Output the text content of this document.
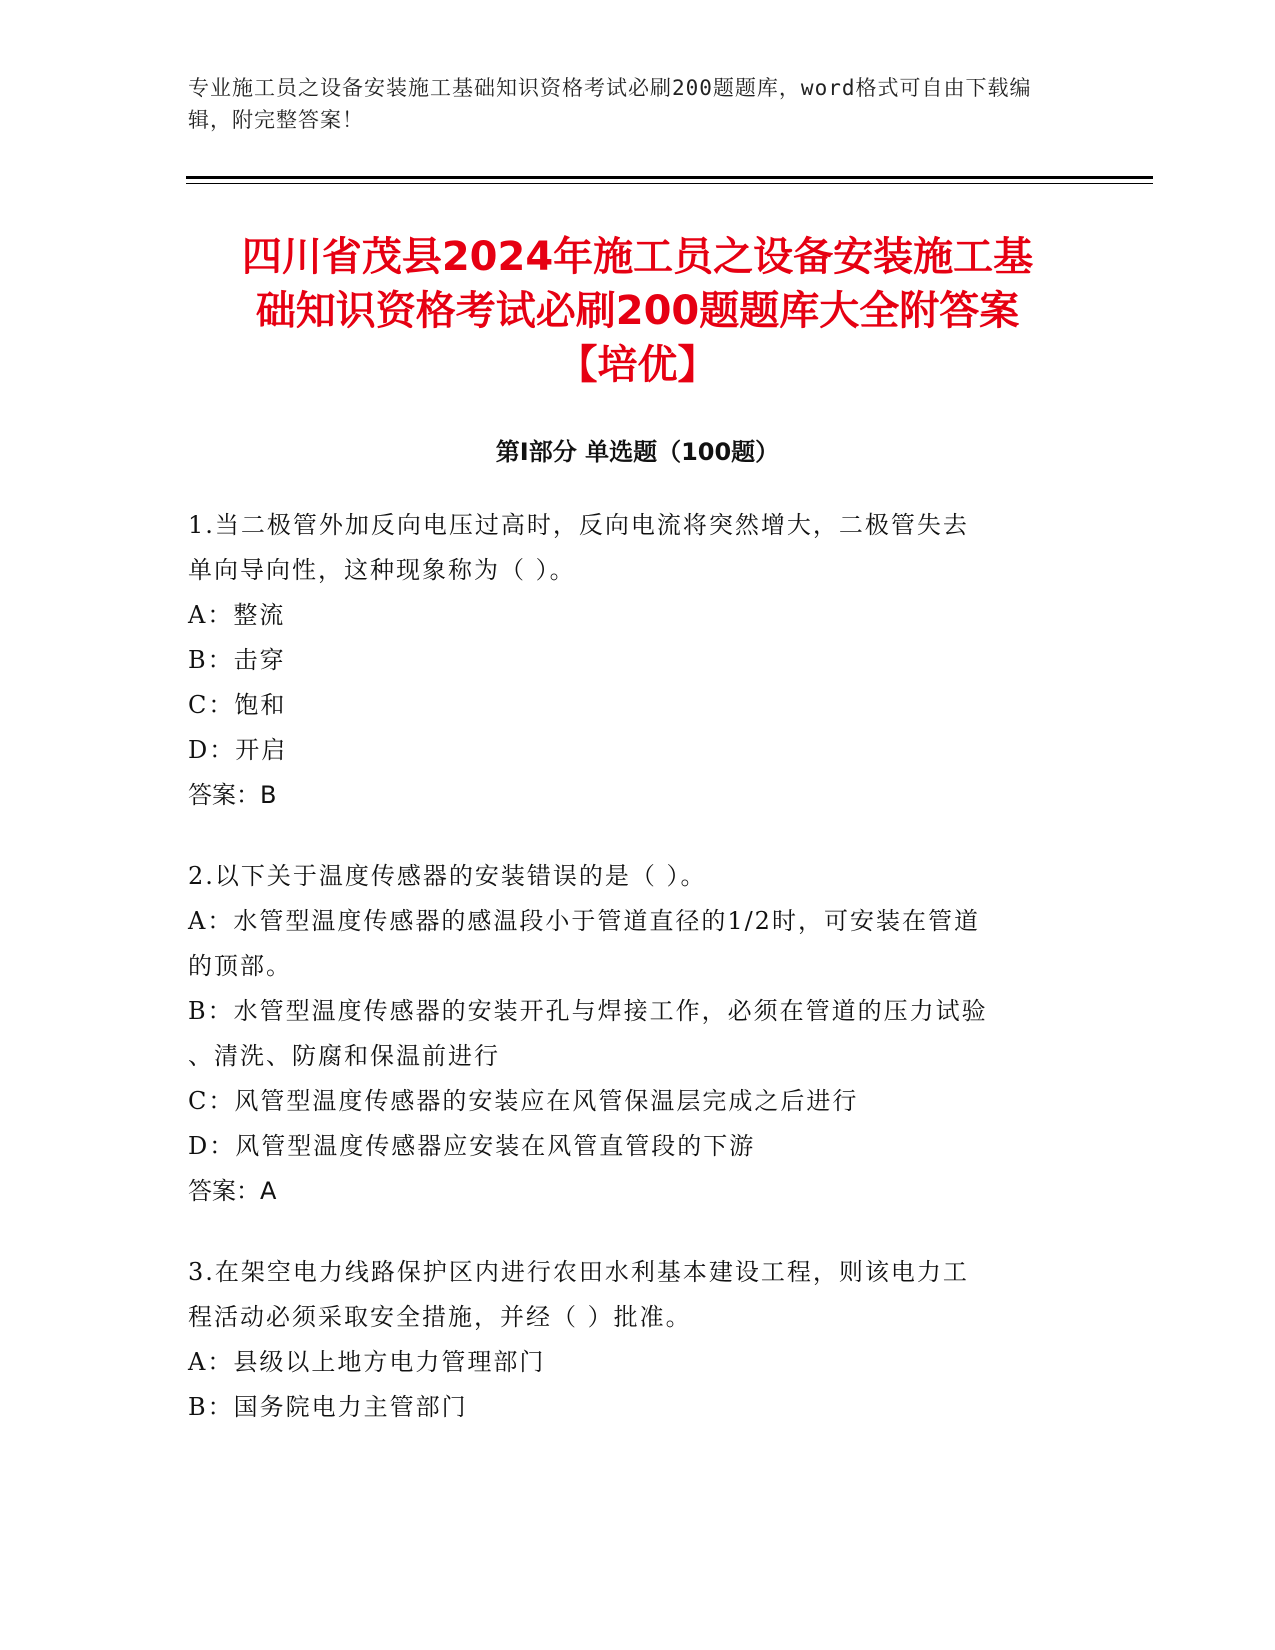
专业施工员之设备安装施工基础知识资格考试必刷200题题库，word格式可自由下载编辑，附完整答案！
四川省茂县2024年施工员之设备安装施工基
础知识资格考试必刷200题题库大全附答案
【培优】
第Ⅰ部分 单选题（100题）

1.当二极管外加反向电压过高时，反向电流将突然增大，二极管失去

单向导向性，这种现象称为（ ）。

A：整流

B：击穿

C：饱和

D：开启

答案：B

2.以下关于温度传感器的安装错误的是（ ）。

A：水管型温度传感器的感温段小于管道直径的1/2时，可安装在管道

的顶部。

B：水管型温度传感器的安装开孔与焊接工作，必须在管道的压力试验

、清洗、防腐和保温前进行

C：风管型温度传感器的安装应在风管保温层完成之后进行

D：风管型温度传感器应安装在风管直管段的下游

答案：A

3.在架空电力线路保护区内进行农田水利基本建设工程，则该电力工

程活动必须采取安全措施，并经（ ）批准。

A：县级以上地方电力管理部门

B：国务院电力主管部门
